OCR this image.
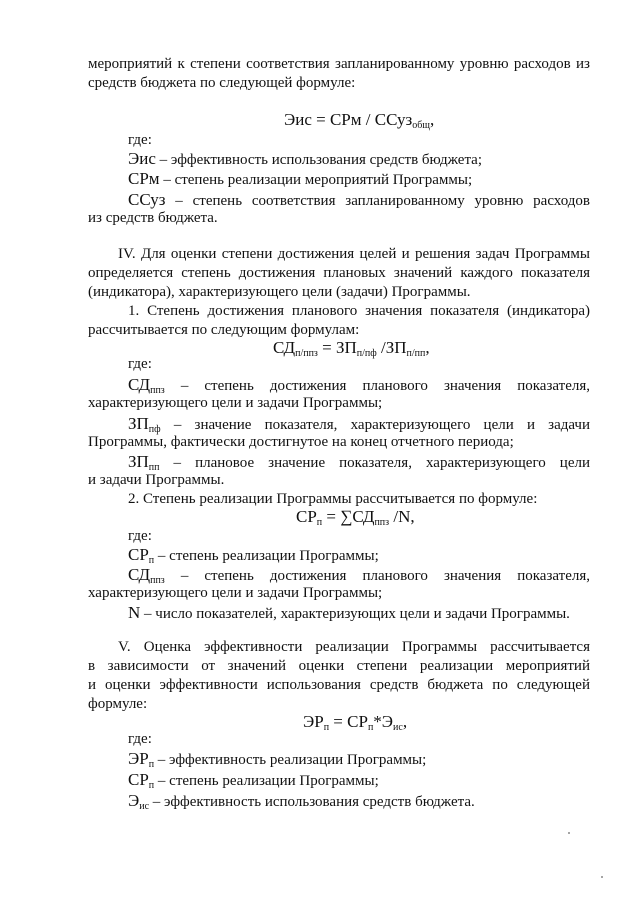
мероприятий к степени соответствия запланированному уровню расходов из
средств бюджета по следующей формуле:
Эис = СРм / ССуз$_{общ}$,
где:
Эис – эффективность использования средств бюджета;
СРм – степень реализации мероприятий Программы;
ССуз – степень соответствия запланированному уровню расходов
из средств бюджета.
IV. Для оценки степени достижения целей и решения задач Программы
определяется степень достижения плановых значений каждого показателя
(индикатора), характеризующего цели (задачи) Программы.
1. Степень достижения планового значения показателя (индикатора)
рассчитывается по следующим формулам:
$СД_{п/ппз} = ЗП_{п/пф}$ $/ЗП_{п/пп}$,
где:
$СД_{ппз}$ – степень достижения планового значения показателя,
характеризующего цели и задачи Программы;
$ЗП_{пф}$ – значение показателя, характеризующего цели и задачи
Программы, фактически достигнутое на конец отчетного периода;
$ЗП_{пп}$ – плановое значение показателя, характеризующего цели
и задачи Программы.
2. Степень реализации Программы рассчитывается по формуле:
$СР_п = \sum СД_{ппз}$ /N,
где:
$СР_п$ – степень реализации Программы;
$СД_{ппз}$ – степень достижения планового значения показателя,
характеризующего цели и задачи Программы;
N – число показателей, характеризующих цели и задачи Программы.
V. Оценка эффективности реализации Программы рассчитывается
в зависимости от значений оценки степени реализации мероприятий
и оценки эффективности использования средств бюджета по следующей
формуле:
$ЭР_п = СР_п*Э_{ис}$,
где:
$ЭР_п$ – эффективность реализации Программы;
$СР_п$ – степень реализации Программы;
$Э_{ис}$ – эффективность использования средств бюджета.
